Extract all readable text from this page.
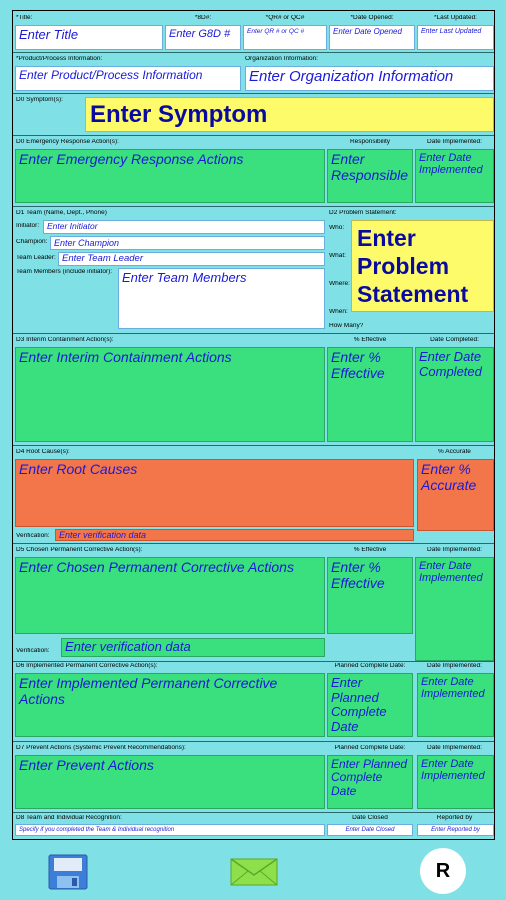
*Title:
Enter Title
*8D#:
Enter G8D #
*QR# or QC#
Enter QR # or QC #
*Date Opened:
Enter Date Opened
*Last Updated:
Enter Last Updated
*Product/Process Information:
Enter Product/Process Information
Organization Information:
Enter Organization Information
D0 Symptom(s):
Enter Symptom
D0 Emergency Response Action(s):
Enter Emergency Response Actions
Responsibility
Enter Responsible
Date Implemented:
Enter Date Implemented
D1 Team (Name, Dept., Phone)
Initiator: Enter Initiator
Champion: Enter Champion
Team Leader: Enter Team Leader
Team Members (include initiator): Enter Team Members
D2 Problem Statement:
Who:
What:
Where:
When:
How Many?
Enter Problem Statement
D3 Interim Containment Action(s):
Enter Interim Containment Actions
% Effective
Enter % Effective
Date Completed:
Enter Date Completed
D4 Root Cause(s):
Enter Root Causes
% Accurate
Enter % Accurate
Verification:	Enter verification data
D5 Chosen Permanent Corrective Action(s):
Enter Chosen Permanent Corrective Actions
% Effective
Enter % Effective
Date Implemented:
Enter Date Implemented
Verification:	Enter verification data
D6 Implemented Permanent Corrective Action(s):
Enter Implemented Permanent Corrective Actions
Planned Complete Date:
Enter Planned Complete Date
Date Implemented:
Enter Date Implemented
D7 Prevent Actions (Systemic Prevent Recommendations):
Enter Prevent Actions
Planned Complete Date:
Enter Planned Complete Date
Date Implemented:
Enter Date Implemented
D8 Team and Individual Recognition:
Specify if you completed the Team & Individual recognition
Date Closed
Enter Date Closed
Reported by
Enter Reported by
R
